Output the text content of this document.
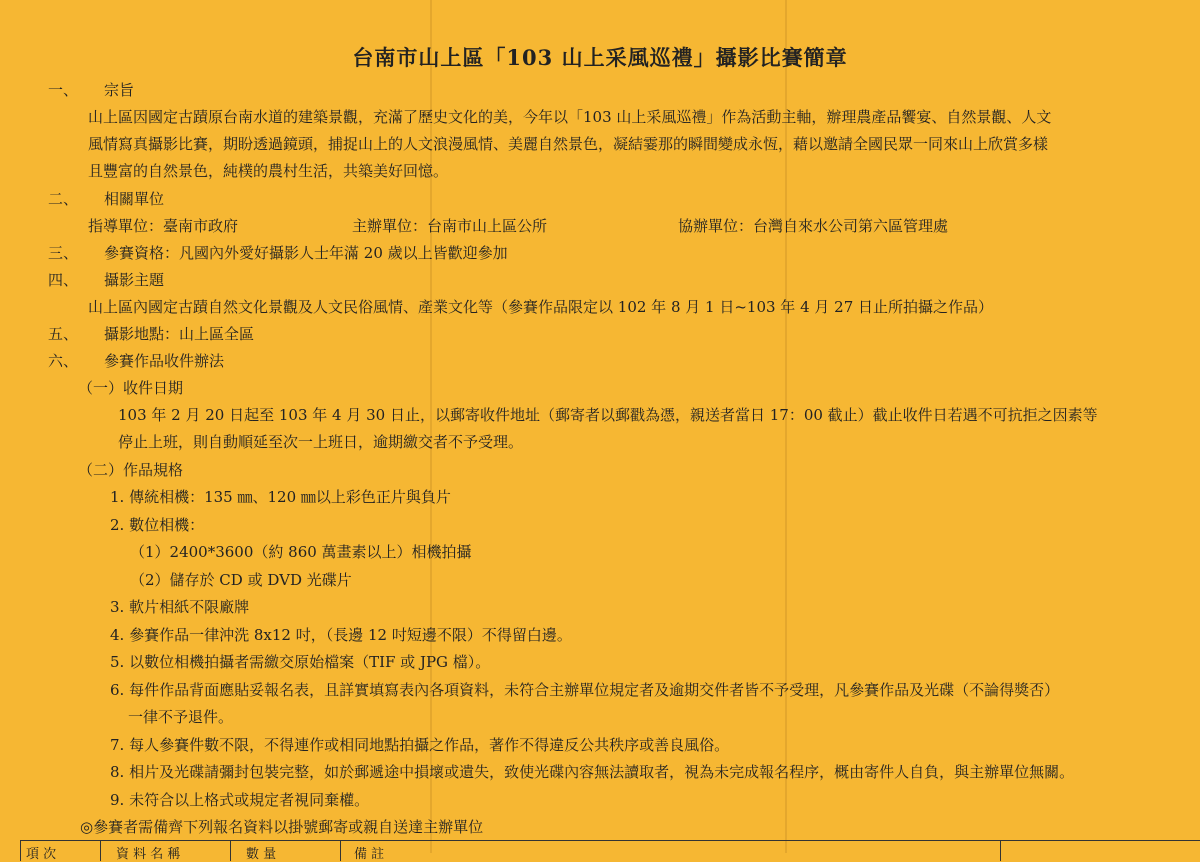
台南市山上區「103 山上采風巡禮」攝影比賽簡章
一、 宗旨
山上區因國定古蹟原台南水道的建築景觀，充滿了歷史文化的美，今年以「103 山上采風巡禮」作為活動主軸，辦理農產品饗宴、自然景觀、人文
風情寫真攝影比賽，期盼透過鏡頭，捕捉山上的人文浪漫風情、美麗自然景色，凝結霎那的瞬間變成永恆，藉以邀請全國民眾一同來山上欣賞多樣
且豐富的自然景色，純樸的農村生活，共築美好回憶。
二、 相關單位
指導單位：臺南市政府	主辦單位：台南市山上區公所	協辦單位：台灣自來水公司第六區管理處
三、 參賽資格：凡國內外愛好攝影人士年滿 20 歲以上皆歡迎參加
四、 攝影主題
山上區內國定古蹟自然文化景觀及人文民俗風情、產業文化等（參賽作品限定以 102 年 8 月 1 日~103 年 4 月 27 日止所拍攝之作品）
五、 攝影地點：山上區全區
六、 參賽作品收件辦法
（一）收件日期
103 年 2 月 20 日起至 103 年 4 月 30 日止，以郵寄收件地址（郵寄者以郵戳為憑，親送者當日 17：00 截止）截止收件日若遇不可抗拒之因素等
停止上班，則自動順延至次一上班日，逾期繳交者不予受理。
（二）作品規格
1. 傳統相機：135 ㎜、120 ㎜以上彩色正片與負片
2. 數位相機：
（1）2400*3600（約 860 萬畫素以上）相機拍攝
（2）儲存於 CD 或 DVD 光碟片
3. 軟片相紙不限廠牌
4. 參賽作品一律沖洗 8x12 吋，（長邊 12 吋短邊不限）不得留白邊。
5. 以數位相機拍攝者需繳交原始檔案（TIF 或 JPG 檔）。
6. 每件作品背面應貼妥報名表，且詳實填寫表內各項資料，未符合主辦單位規定者及逾期交件者皆不予受理，凡參賽作品及光碟（不論得獎否）
一律不予退件。
7. 每人參賽件數不限，不得連作或相同地點拍攝之作品，著作不得違反公共秩序或善良風俗。
8. 相片及光碟請彌封包裝完整，如於郵遞途中損壞或遺失，致使光碟內容無法讀取者，視為未完成報名程序，概由寄件人自負，與主辦單位無關。
9. 未符合以上格式或規定者視同棄權。
◎參賽者需備齊下列報名資料以掛號郵寄或親自送達主辦單位
項 次	資 料 名 稱	數 量	備 註
